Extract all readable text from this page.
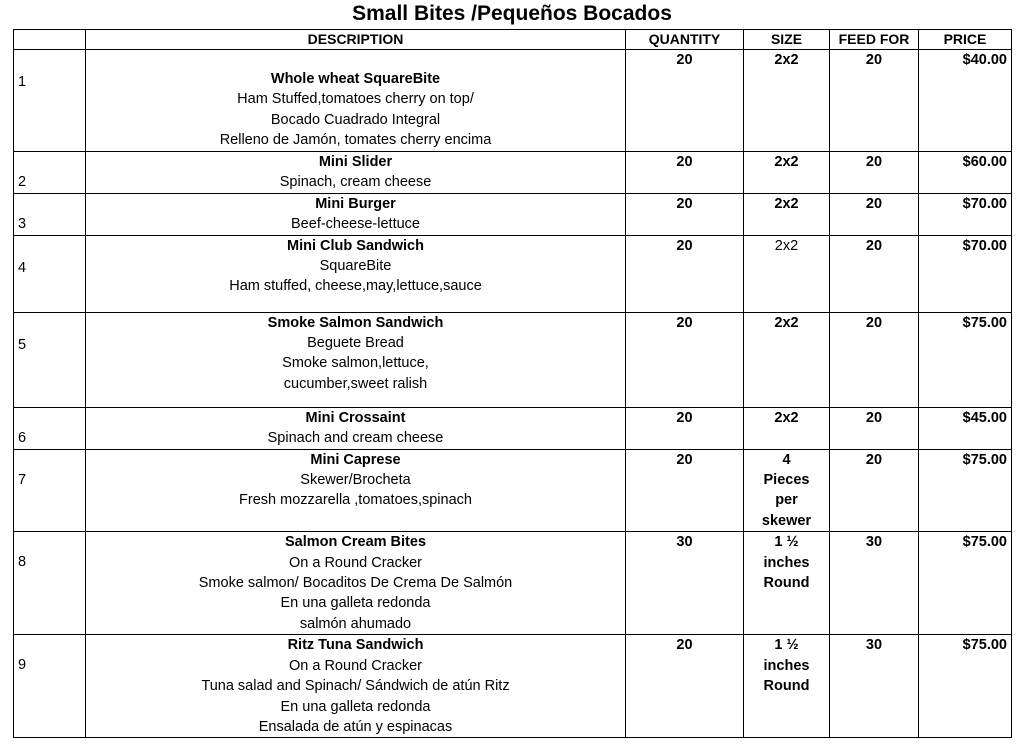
Small Bites /Pequeños Bocados
	DESCRIPTION	QUANTITY	SIZE	FEED FOR	PRICE
1	Whole wheat SquareBite
Ham Stuffed,tomatoes cherry on top/
Bocado Cuadrado Integral
Relleno de Jamón, tomates cherry encima	20	2x2	20	$40.00
2	Mini Slider
Spinach, cream cheese	20	2x2	20	$60.00
3	Mini Burger
Beef-cheese-lettuce	20	2x2	20	$70.00
4	Mini Club Sandwich
SquareBite
Ham stuffed, cheese,may,lettuce,sauce	20	2x2	20	$70.00
5	Smoke Salmon Sandwich
Beguete Bread
Smoke salmon,lettuce,
cucumber,sweet ralish	20	2x2	20	$75.00
6	Mini Crossaint
Spinach and cream cheese	20	2x2	20	$45.00
7	Mini Caprese
Skewer/Brocheta
Fresh mozzarella ,tomatoes,spinach	20	4 Pieces per skewer	20	$75.00
8	Salmon Cream Bites
On a Round Cracker
Smoke salmon/ Bocaditos De Crema De Salmón
En una galleta redonda
salmón ahumado	30	1 ½ inches Round	30	$75.00
9	Ritz Tuna Sandwich
On a Round Cracker
Tuna salad and Spinach/ Sándwich de atún Ritz
En una galleta redonda
Ensalada de atún y espinacas	20	1 ½ inches Round	30	$75.00
